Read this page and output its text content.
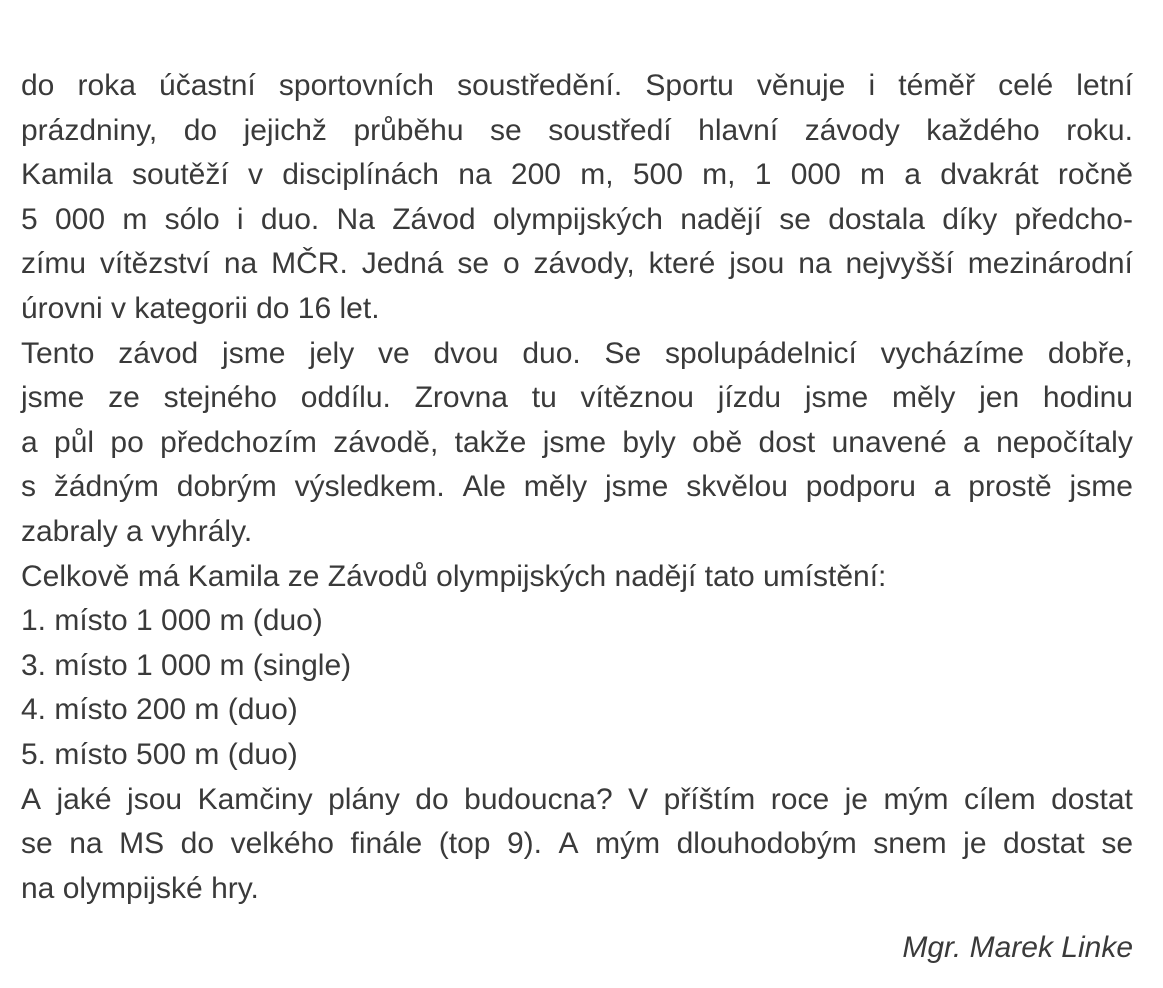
do roka účastní sportovních soustředění. Sportu věnuje i téměř celé letní
prázdniny, do jejichž průběhu se soustředí hlavní závody každého roku.
Kamila soutěží v disciplínách na 200 m, 500 m, 1 000 m a dvakrát ročně
5 000 m sólo i duo. Na Závod olympijských nadějí se dostala díky předcho-
zímu vítězství na MČR. Jedná se o závody, které jsou na nejvyšší mezinárodní
úrovni v kategorii do 16 let.
Tento závod jsme jely ve dvou duo. Se spolupádelnicí vycházíme dobře,
jsme ze stejného oddílu. Zrovna tu vítěznou jízdu jsme měly jen hodinu
a půl po předchozím závodě, takže jsme byly obě dost unavené a nepočítaly
s žádným dobrým výsledkem. Ale měly jsme skvělou podporu a prostě jsme
zabraly a vyhrály.
Celkově má Kamila ze Závodů olympijských nadějí tato umístění:
1. místo 1 000 m (duo)
3. místo 1 000 m (single)
4. místo 200 m (duo)
5. místo 500 m (duo)
A jaké jsou Kamčiny plány do budoucna? V příštím roce je mým cílem dostat
se na MS do velkého finále (top 9). A mým dlouhodobým snem je dostat se
na olympijské hry.
Mgr. Marek Linke
